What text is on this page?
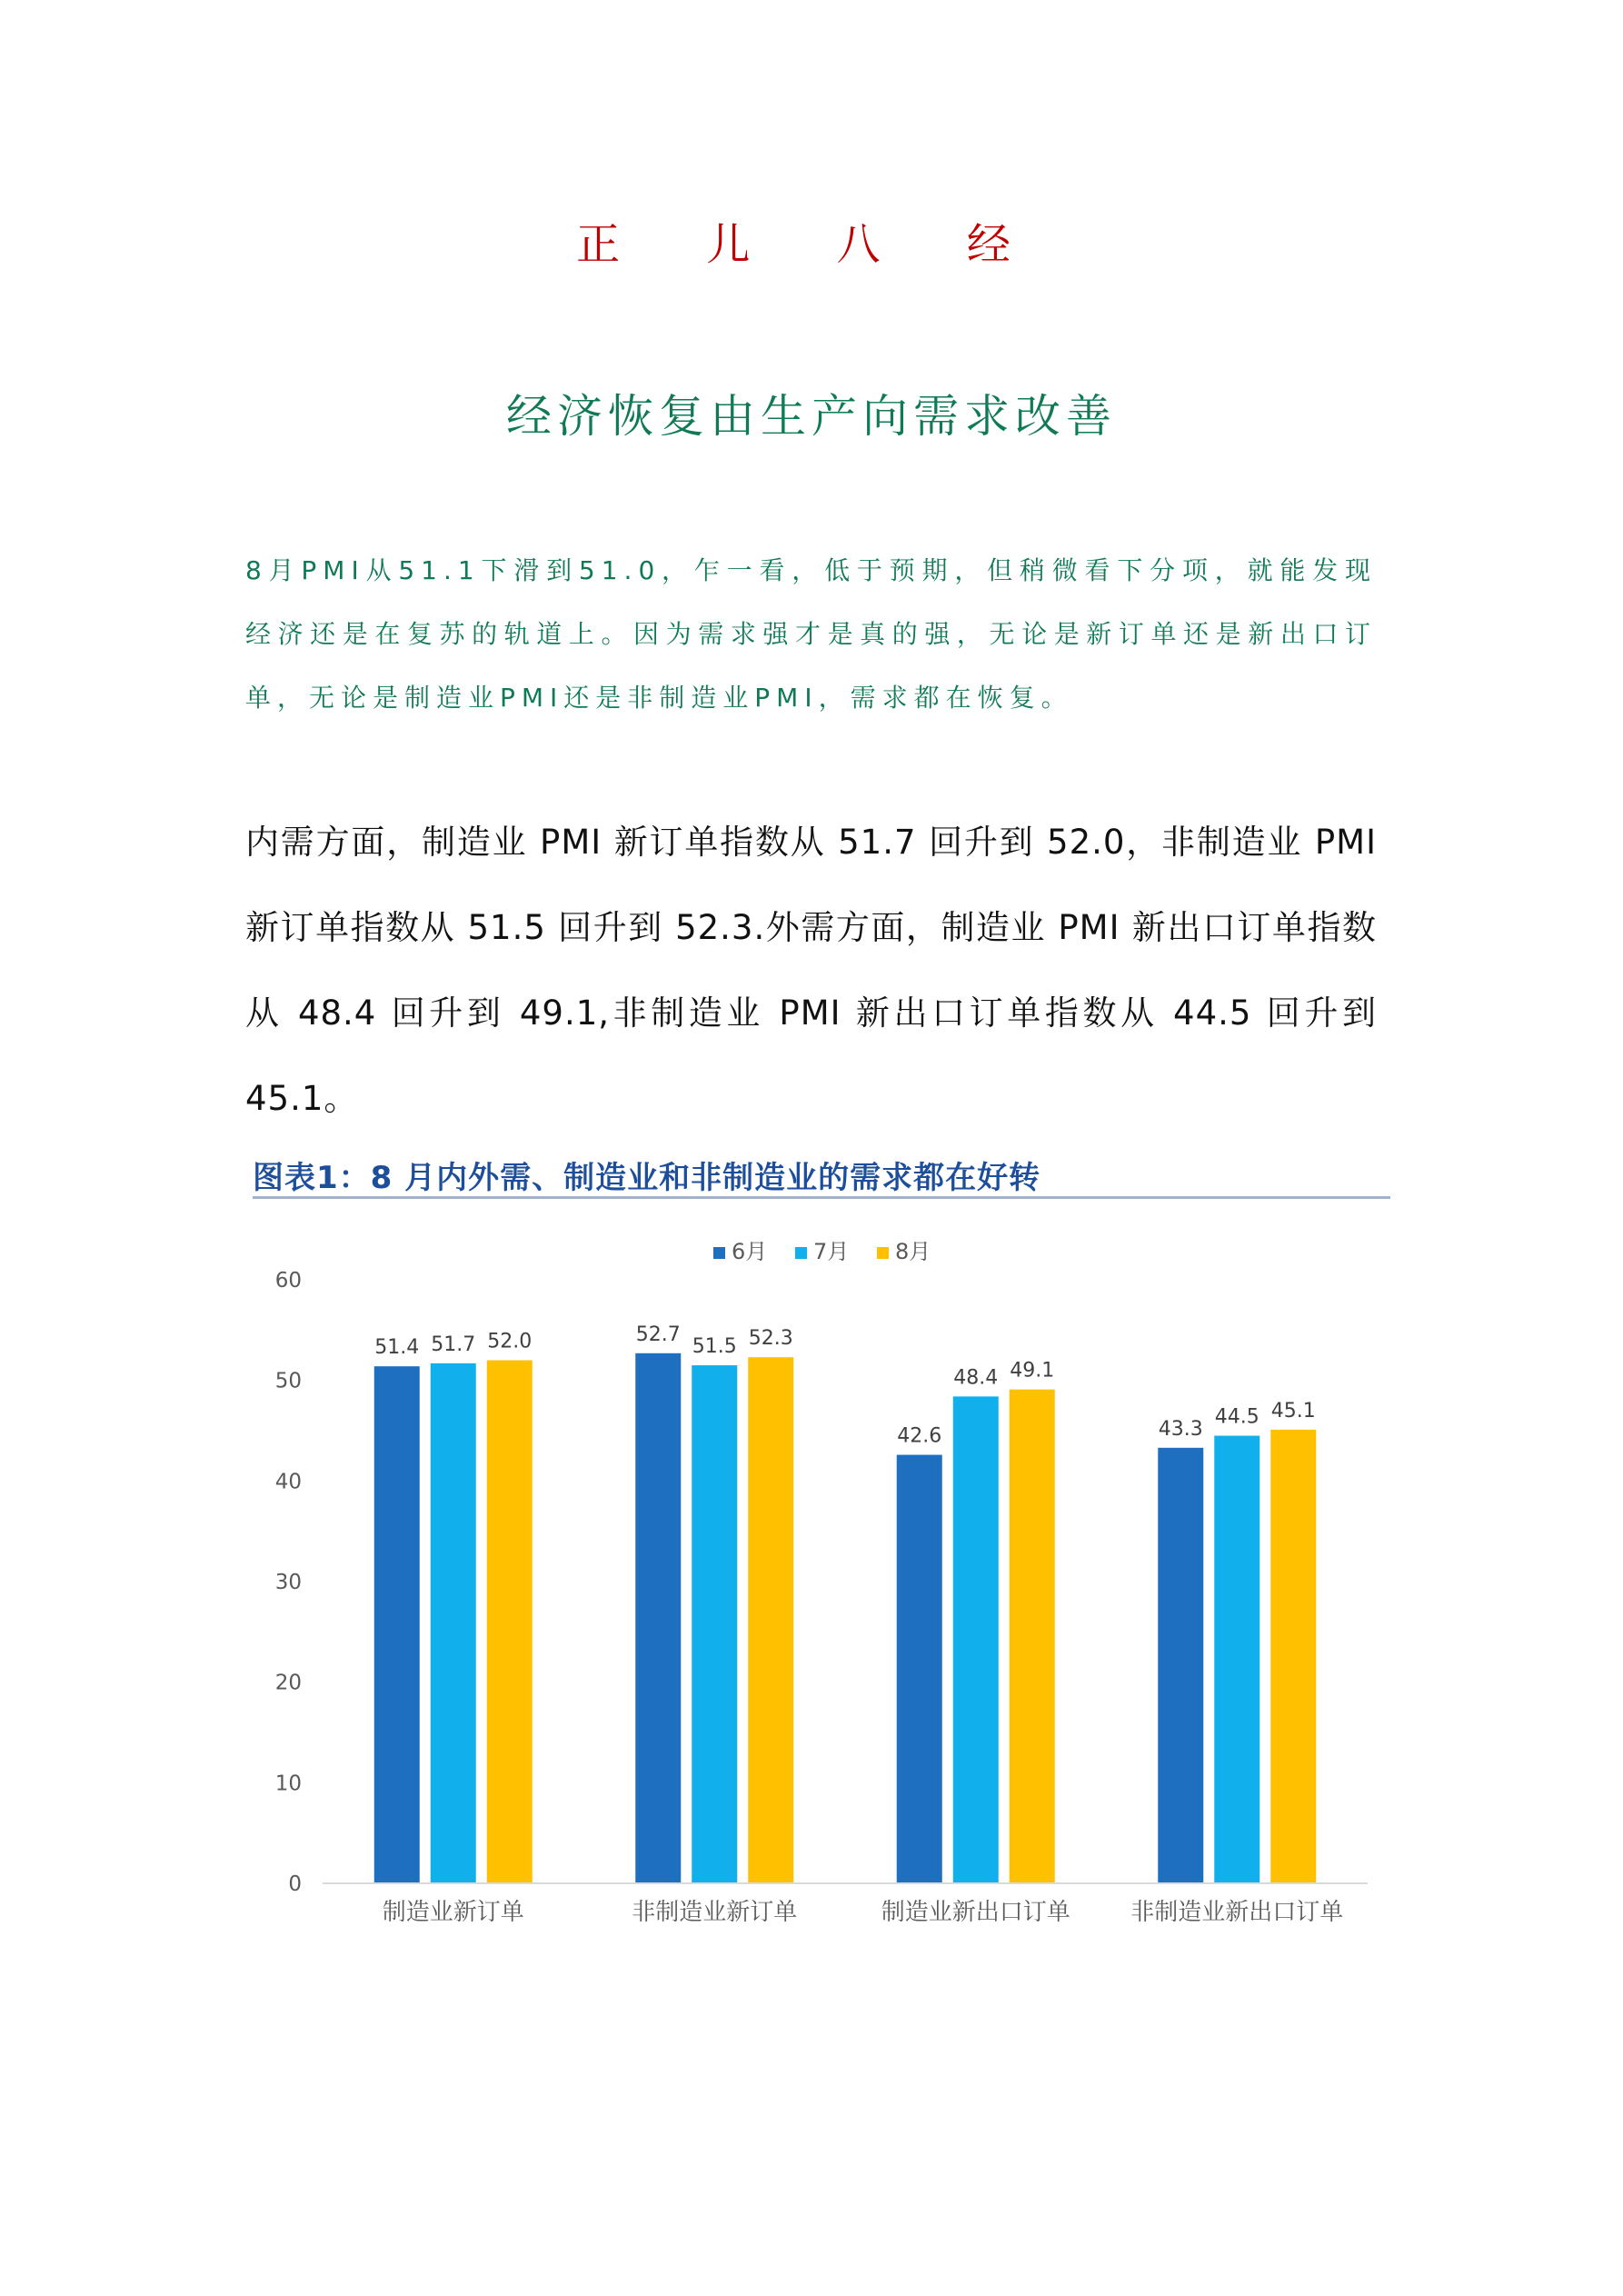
正 儿 八 经
经济恢复由生产向需求改善

8月PMI从51.1下滑到51.0，乍一看，低于预期，但稍微看下分项，就能发现经济还是在复苏的轨道上。因为需求强才是真的强，无论是新订单还是新出口订单，无论是制造业PMI还是非制造业PMI，需求都在恢复。

内需方面，制造业 PMI 新订单指数从 51.7 回升到 52.0，非制造业 PMI 新订单指数从 51.5 回升到 52.3.外需方面，制造业 PMI 新出口订单指数从 48.4 回升到 49.1,非制造业 PMI 新出口订单指数从 44.5 回升到 45.1。

图表1：8 月内外需、制造业和非制造业的需求都在好转
6月 7月 8月
0
10
20
30
40
50
60
51.4 51.7 52.0	52.7
51.5 52.3
42.6
48.4 49.1
43.3
44.5 45.1
制造业新订单	非制造业新订单	制造业新出口订单	非制造业新出口订单
